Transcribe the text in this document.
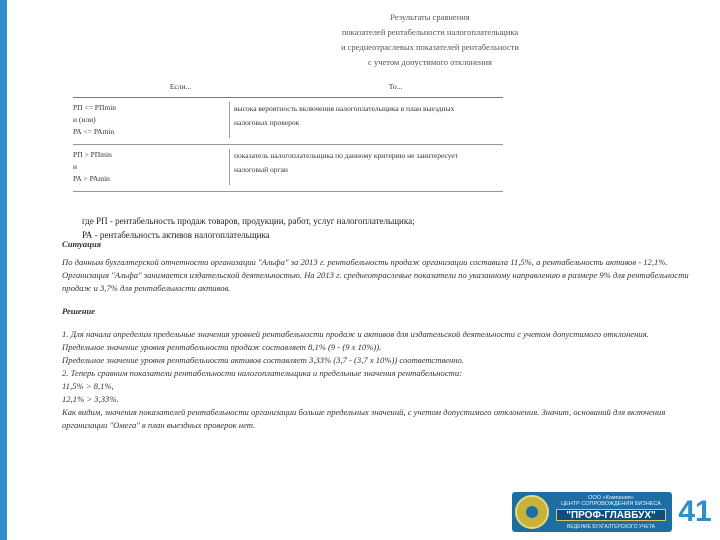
Результаты сравнения
показателей рентабельности налогоплательщика
и среднеотраслевых показателей рентабельности
с учетом допустимого отклонения
Если...	То...
РП <= РПmin
и (или)
РА <= РАmin
высока вероятность включения налогоплательщика в план выездных
налоговых проверок
РП > РПmin
и
РА > РАmin
показатель налогоплательщика по данному критерию не заинтересует
налоговый орган
где РП - рентабельность продаж товаров, продукции, работ, услуг налогоплательщика;
РА - рентабельность активов налогоплательщика

Ситуация

По данным бухгалтерской отчетности организации "Альфа" за 2013 г. рентабельность продаж организации составила 11,5%, а рентабельность активов - 12,1%.

Организация "Альфа" занимается издательской деятельностью. На 2013 г. среднеотраслевые показатели по указанному направлению в размере 9% для рентабельности продаж и 3,7% для рентабельности активов.

Решение

1. Для начала определим предельные значения уровней рентабельности продаж и активов для издательской деятельности с учетом допустимого отклонения.

Предельное значение уровня рентабельности продаж составляет 8,1% (9 - (9 x 10%)).

Предельное значение уровня рентабельности активов составляет 3,33% (3,7 - (3,7 x 10%)) соответственно.

2. Теперь сравним показатели рентабельности налогоплательщика и предельные значения рентабельности:

11,5% > 8,1%,

12,1% > 3,33%.

Как видим, значения показателей рентабельности организации больше предельных значений, с учетом допустимого отклонения. Значит, оснований для включения организации "Омега" в план выездных проверок нет.

ООО «Компания»
ЦЕНТР СОПРОВОЖДЕНИЯ БИЗНЕСА
"ПРОФ-ГЛАВБУХ"
ВЕДЕНИЕ БУХГАЛТЕРСКОГО УЧЕТА 41
